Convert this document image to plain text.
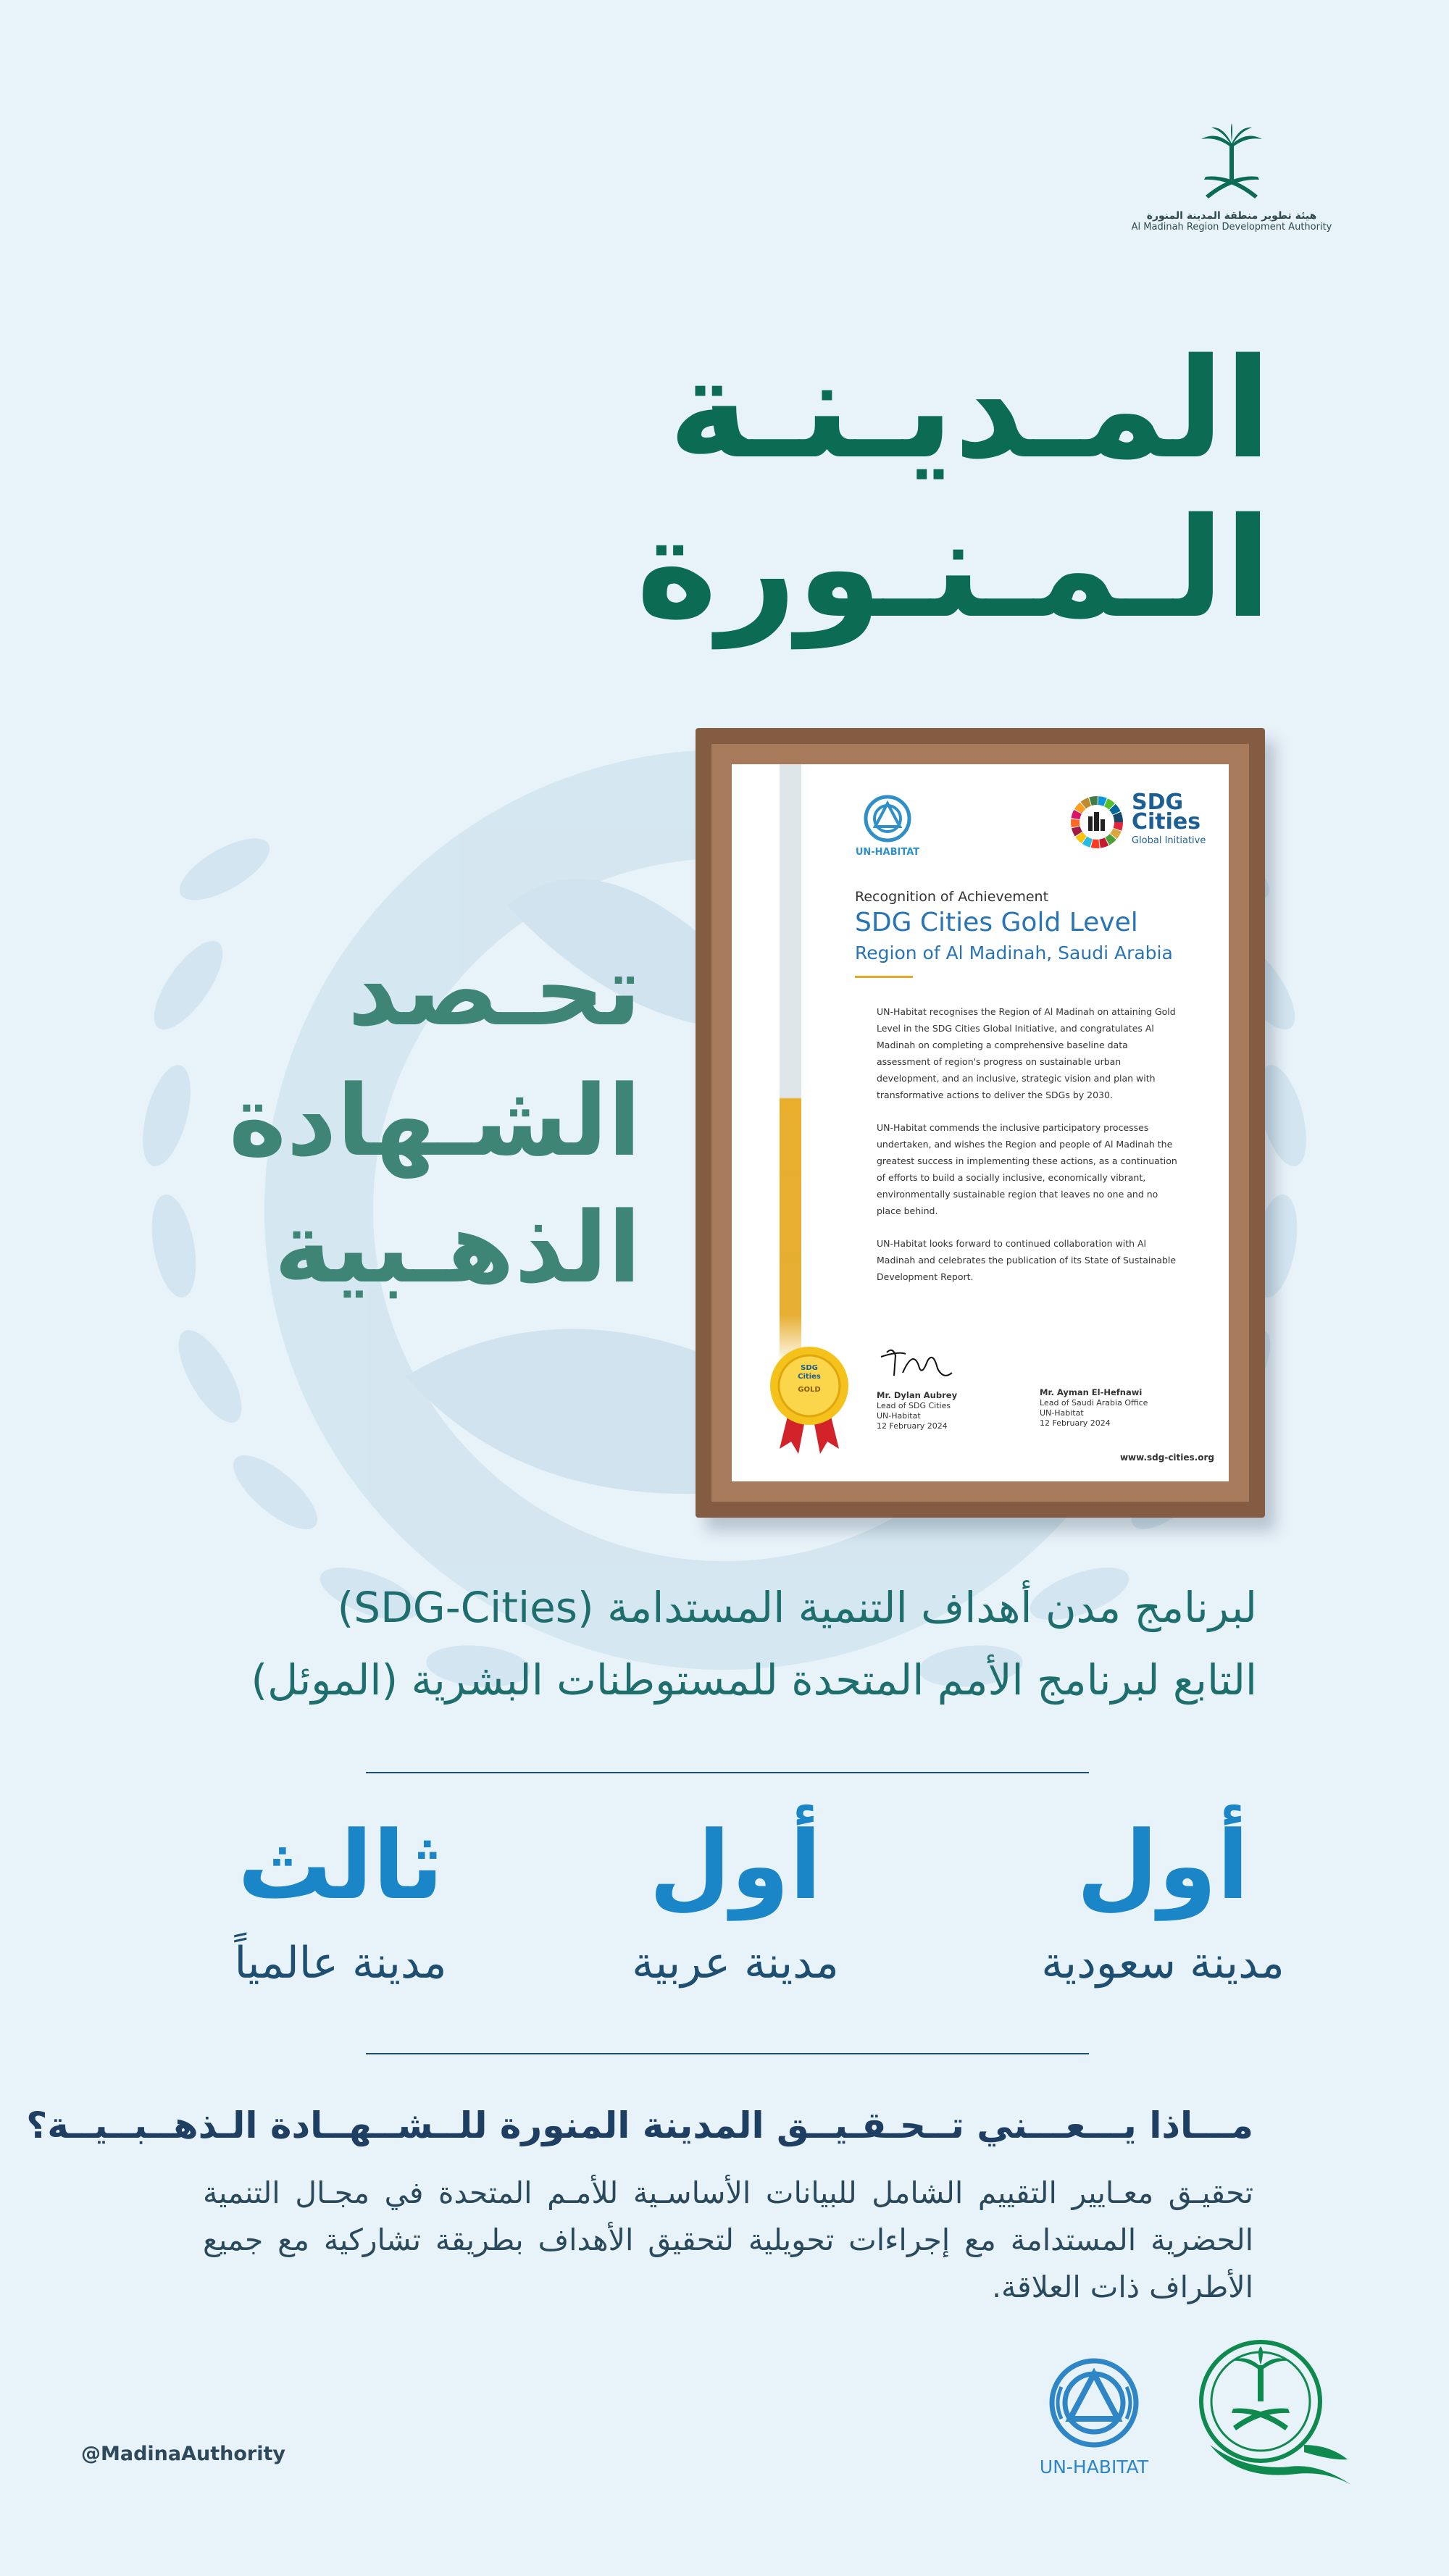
هيئة تطوير منطقة المدينة المنورة
Al Madinah Region Development Authority
المـديـنـة
الـمـنـورة
تحـصد
الشـهادة
الذهـبية
UN-HABITAT
SDG
Cities
Global Initiative
Recognition of Achievement
SDG Cities Gold Level
Region of Al Madinah, Saudi Arabia

UN-Habitat recognises the Region of Al Madinah on attaining Gold Level in the SDG Cities Global Initiative, and congratulates Al Madinah on completing a comprehensive baseline data assessment of region's progress on sustainable urban development, and an inclusive, strategic vision and plan with transformative actions to deliver the SDGs by 2030.

UN-Habitat commends the inclusive participatory processes undertaken, and wishes the Region and people of Al Madinah the greatest success in implementing these actions, as a continuation of efforts to build a socially inclusive, economically vibrant, environmentally sustainable region that leaves no one and no place behind.

UN-Habitat looks forward to continued collaboration with Al Madinah and celebrates the publication of its State of Sustainable Development Report.

SDG
Cities
GOLD
Mr. Dylan Aubrey
Lead of SDG Cities
UN-Habitat
12 February 2024
Mr. Ayman El-Hefnawi
Lead of Saudi Arabia Office
UN-Habitat
12 February 2024
www.sdg-cities.org
لبرنامج مدن أهداف التنمية المستدامة (SDG-Cities)
التابع لبرنامج الأمم المتحدة للمستوطنات البشرية (الموئل)
أول
مدينة سعودية
أول
مدينة عربية
ثالث
مدينة عالمياً
مـــاذا يـــعـــني تــحـقـيــق المدينة المنورة للــشــهــادة الـذهــبــيــة؟
تحقيـق معـايير التقييم الشامل للبيانات الأساسـية للأمـم المتحدة في مجـال التنمية الحضرية المستدامة مع إجراءات تحويلية لتحقيق الأهداف بطريقة تشاركية مع جميع الأطراف ذات العلاقة.
@MadinaAuthority
UN-HABITAT
